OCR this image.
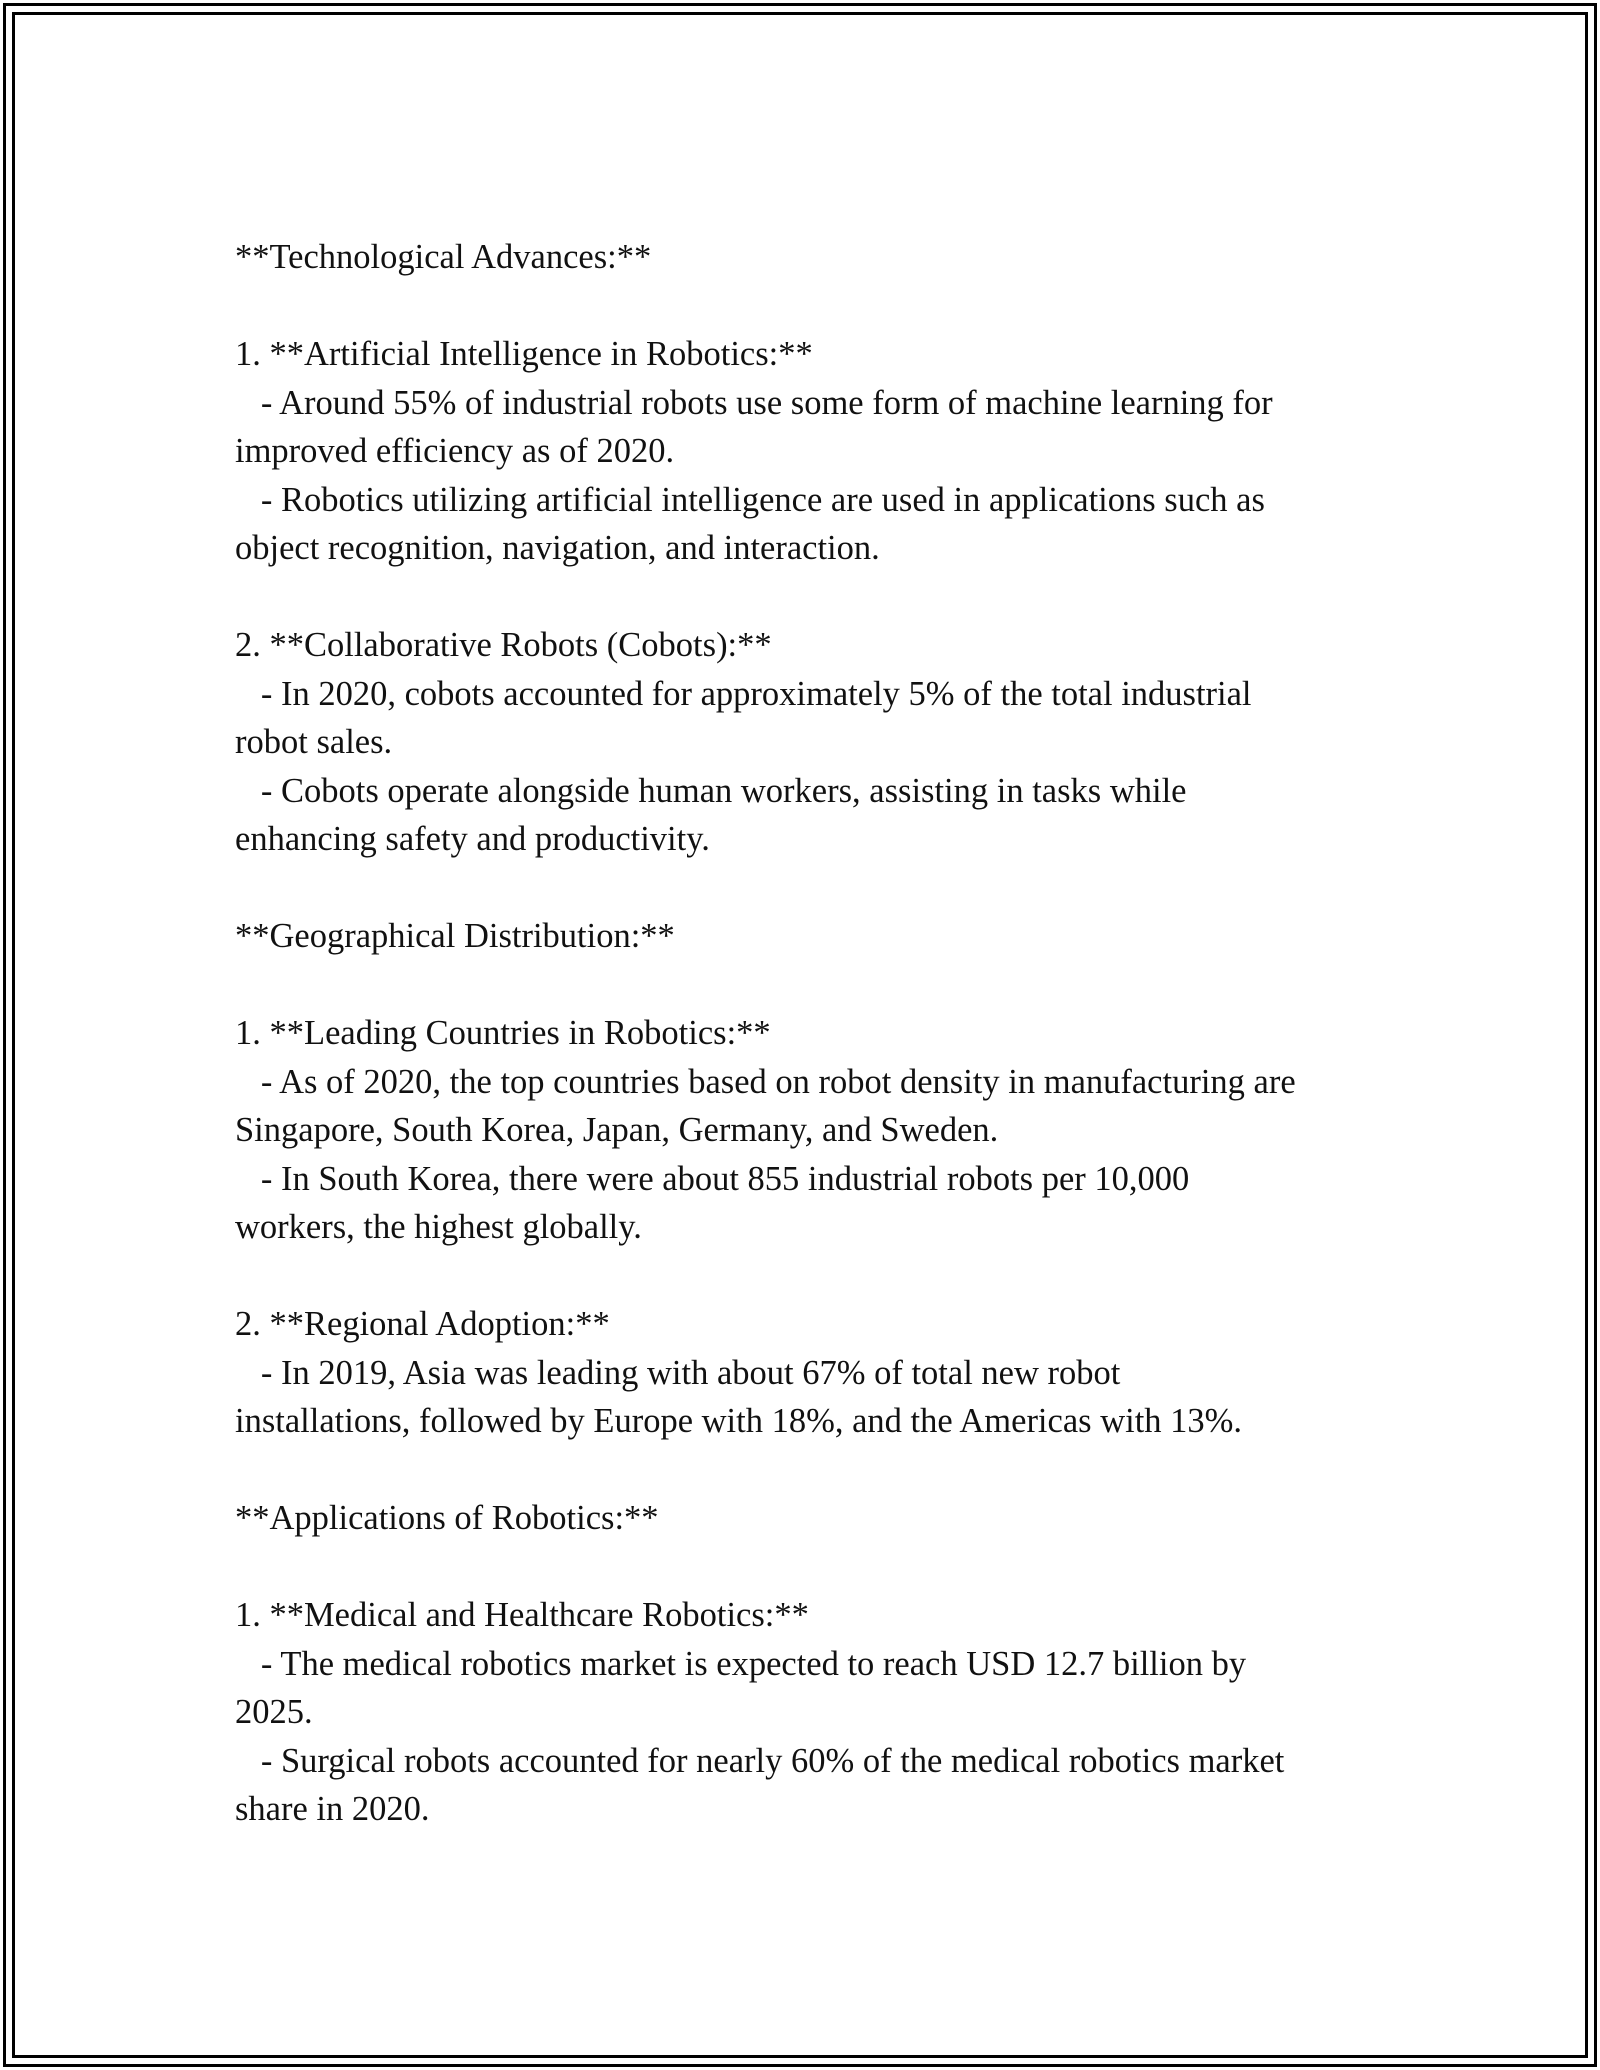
**Technological Advances:**
1. **Artificial Intelligence in Robotics:**
- Around 55% of industrial robots use some form of machine learning for
improved efficiency as of 2020.
- Robotics utilizing artificial intelligence are used in applications such as
object recognition, navigation, and interaction.
2. **Collaborative Robots (Cobots):**
- In 2020, cobots accounted for approximately 5% of the total industrial
robot sales.
- Cobots operate alongside human workers, assisting in tasks while
enhancing safety and productivity.
**Geographical Distribution:**
1. **Leading Countries in Robotics:**
- As of 2020, the top countries based on robot density in manufacturing are
Singapore, South Korea, Japan, Germany, and Sweden.
- In South Korea, there were about 855 industrial robots per 10,000
workers, the highest globally.
2. **Regional Adoption:**
- In 2019, Asia was leading with about 67% of total new robot
installations, followed by Europe with 18%, and the Americas with 13%.
**Applications of Robotics:**
1. **Medical and Healthcare Robotics:**
- The medical robotics market is expected to reach USD 12.7 billion by
2025.
- Surgical robots accounted for nearly 60% of the medical robotics market
share in 2020.
